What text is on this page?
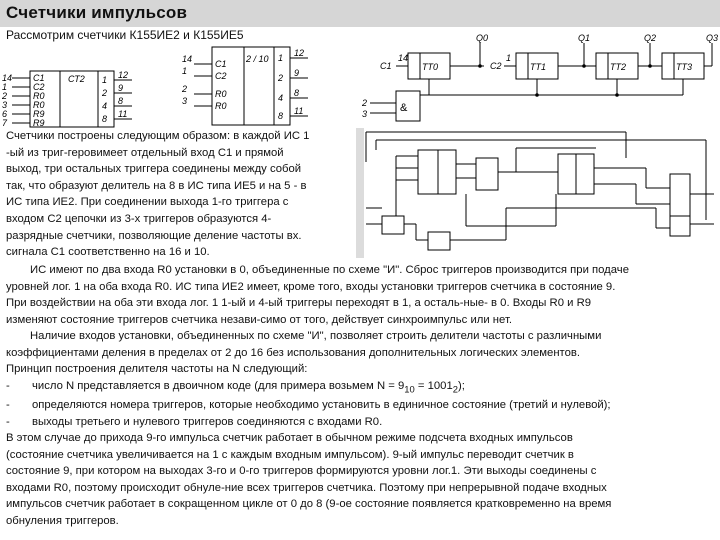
Счетчики импульсов
Рассмотрим счетчики К155ИЕ2 и К155ИЕ5
СТ2
14 C1
1	C2
2	R0
3	R0
6	R9
7	R9
12
1
9
2
8
4
11
8
2 / 10
14	C1
1	C2
2	R0
3	R0
12
1
9
2
8
4
11
8
Q0	Q1	Q2	Q3
C1	C2
14	1
2
3
TT0	TT1	TT2	TT3
&
Счетчики построены следующим образом: в каждой ИС 1
-ый из триг-геровимеет отдельный вход С1 и прямой
выход, три остальных триггера соединены между собой
так, что образуют делитель на 8 в ИС типа ИЕ5 и на 5 - в
ИС типа ИЕ2. При соединении выхода 1-го триггера с
входом С2 цепочки из 3-х триггеров образуются 4-
разрядные счетчики, позволяющие деление частоты вх.
сигнала С1 соответственно на 16 и 10.
ИС имеют по два входа R0 установки в 0, объединенные по схеме "И". Сброс триггеров производится при подаче
уровней лог. 1 на оба входа R0. ИС типа ИЕ2 имеет, кроме того, входы установки триггеров счетчика в состояние 9.
При воздействии на оба эти входа лог. 1 1-ый и 4-ый триггеры переходят в 1, а осталь-ные- в 0. Входы R0 и R9
изменяют состояние триггеров счетчика незави-симо от того, действует синхроимпульс или нет.
Наличие входов установки, объединенных по схеме "И", позволяет строить делители частоты с различными
коэффициентами деления в пределах от 2 до 16 без использования дополнительных логических элементов.
Принцип построения делителя частоты на N следующий:
- число N представляется в двоичном коде (для примера возьмем $N = 9_{10} = 1001_2$);
- определяются номера триггеров, которые необходимо установить в единичное состояние (третий и нулевой);
- выходы третьего и нулевого триггеров соединяются с входами R0.
В этом случае до прихода 9-го импульса счетчик работает в обычном режиме подсчета входных импульсов
(состояние счетчика увеличивается на 1 с каждым входным импульсом). 9-ый импульс переводит счетчик в
состояние 9, при котором на выходах 3-го и 0-го триггеров формируются уровни лог.1. Эти выходы соединены с
входами R0, поэтому происходит обнуле-ние всех триггеров счетчика. Поэтому при непрерывной подаче входных
импульсов счетчик работает в сокращенном цикле от 0 до 8 (9-ое состояние появляется кратковременно на время
обнуления триггеров.
